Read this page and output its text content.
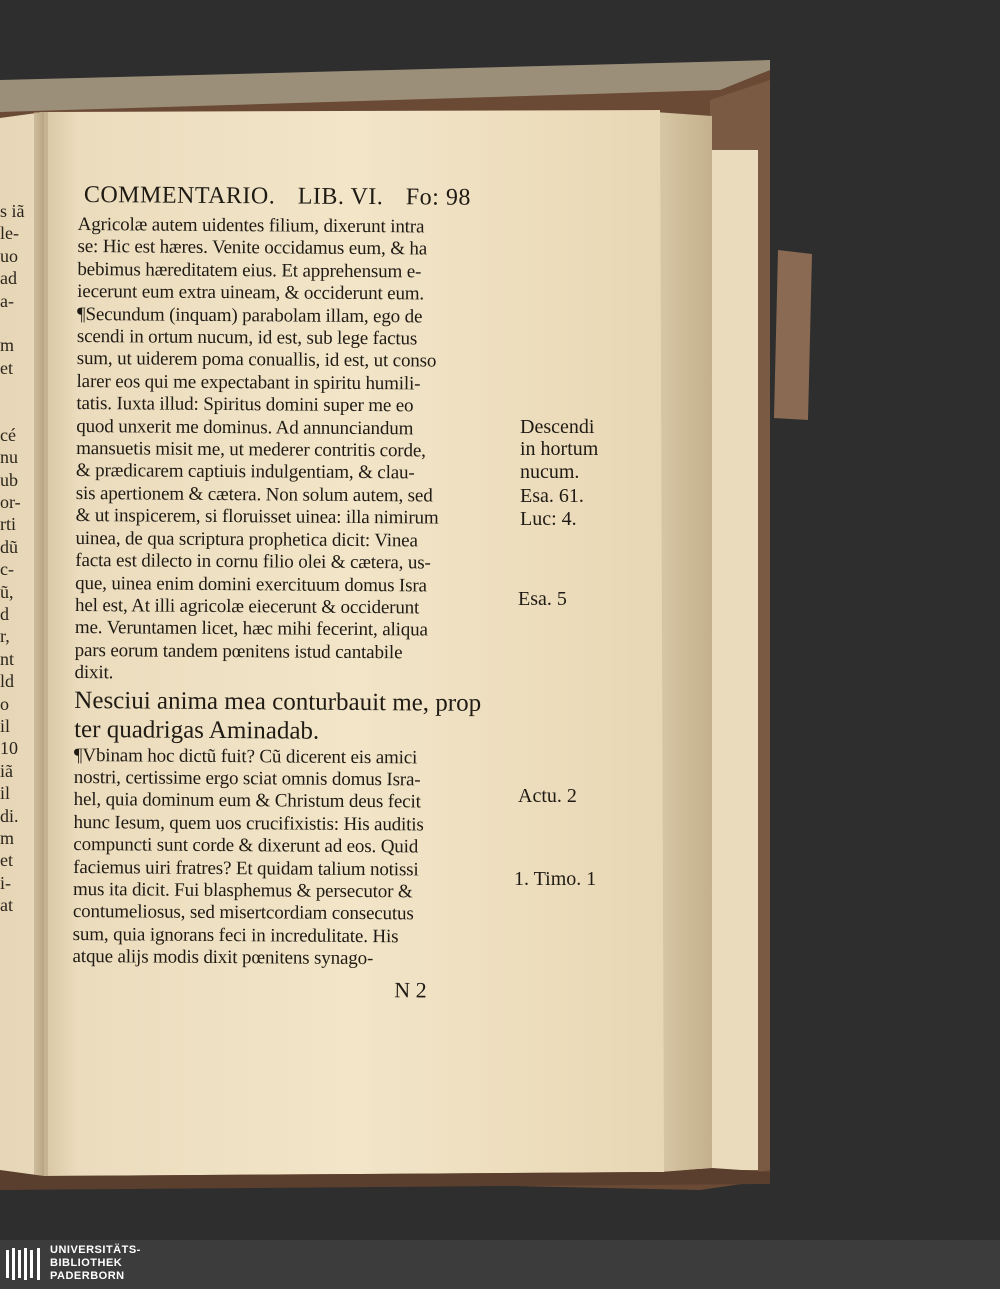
s iã
le-
uo
ad
a-
m
et
cé
nu
ub
or-
rti
dũ
c-
ũ,
d
r,
nt
ld
o
il
10
iã
il
di.
m
et
i-
at
COMMENTARIO. LIB. VI. Fo: 98
Agricolæ autem uidentes filium, dixerunt intra
se: Hic est hæres. Venite occidamus eum, & ha
bebimus hæreditatem eius. Et apprehensum e-
iecerunt eum extra uineam, & occiderunt eum.
¶Secundum (inquam) parabolam illam, ego de
scendi in ortum nucum, id est, sub lege factus
sum, ut uiderem poma conuallis, id est, ut conso
larer eos qui me expectabant in spiritu humili-
tatis. Iuxta illud: Spiritus domini super me eo
quod unxerit me dominus. Ad annunciandum
mansuetis misit me, ut mederer contritis corde,
& prædicarem captiuis indulgentiam, & clau-
sis apertionem & cætera. Non solum autem, sed
& ut inspicerem, si floruisset uinea: illa nimirum
uinea, de qua scriptura prophetica dicit: Vinea
facta est dilecto in cornu filio olei & cætera, us-
que, uinea enim domini exercituum domus Isra
hel est, At illi agricolæ eiecerunt & occiderunt
me. Veruntamen licet, hæc mihi fecerint, aliqua
pars eorum tandem pœnitens istud cantabile
dixit.
Nesciui anima mea conturbauit me, prop
ter quadrigas Aminadab.
¶Vbinam hoc dictũ fuit? Cũ dicerent eis amici
nostri, certissime ergo sciat omnis domus Isra-
hel, quia dominum eum & Christum deus fecit
hunc Iesum, quem uos crucifixistis: His auditis
compuncti sunt corde & dixerunt ad eos. Quid
faciemus uiri fratres? Et quidam talium notissi
mus ita dicit. Fui blasphemus & persecutor &
contumeliosus, sed misertcordiam consecutus
sum, quia ignorans feci in incredulitate. His
atque alijs modis dixit pœnitens synago-
N 2
Descendi
in hortum
nucum.
Esa. 61.
Luc: 4.
Esa. 5
Actu. 2
1. Timo. 1
UNIVERSITÄTS-
BIBLIOTHEK
PADERBORN
